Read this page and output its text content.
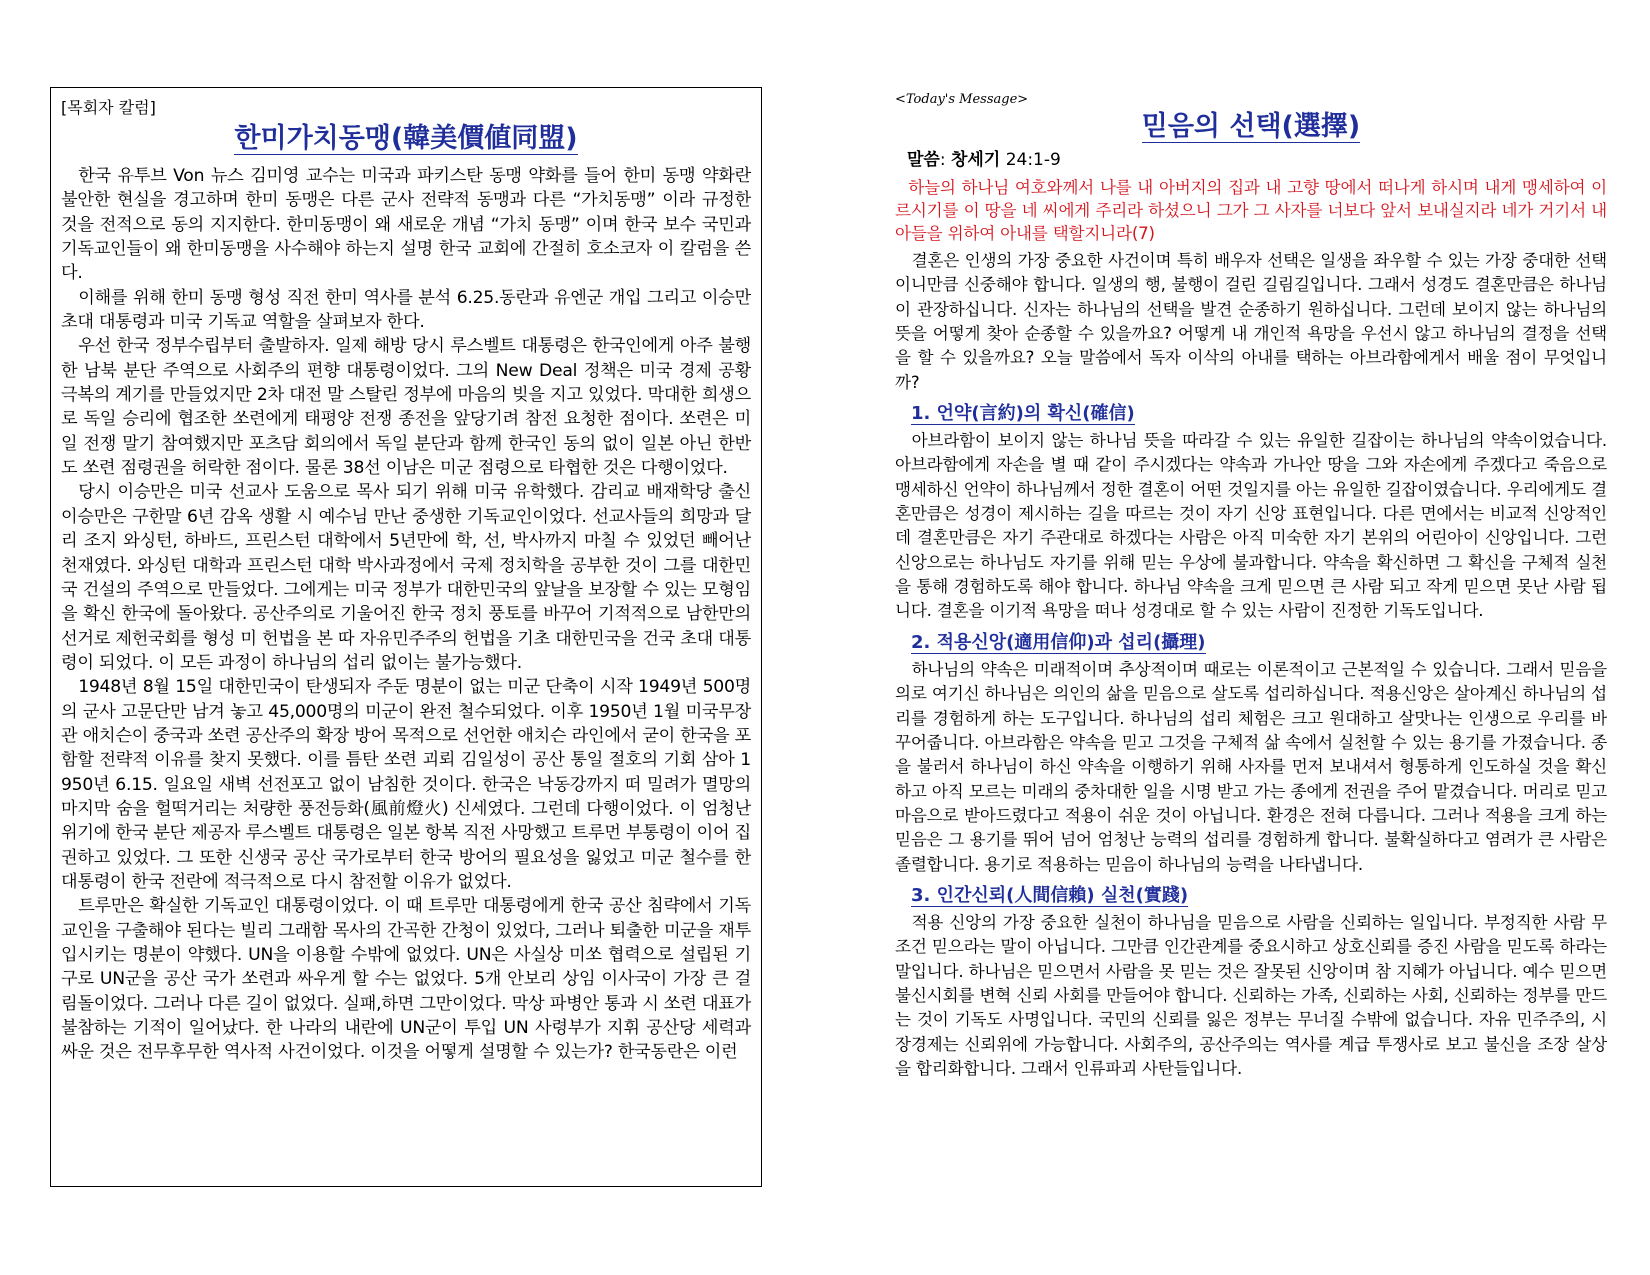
[목회자 칼럼]

한미가치동맹(韓美價値同盟)

한국 유투브 Von 뉴스 김미영 교수는 미국과 파키스탄 동맹 약화를 들어 한미 동맹 약화란 불안한 현실을 경고하며 한미 동맹은 다른 군사 전략적 동맹과 다른 “가치동맹” 이라 규정한 것을 전적으로 동의 지지한다. 한미동맹이 왜 새로운 개념 “가치 동맹” 이며 한국 보수 국민과 기독교인들이 왜 한미동맹을 사수해야 하는지 설명 한국 교회에 간절히 호소코자 이 칼럼을 쓴다.

이해를 위해 한미 동맹 형성 직전 한미 역사를 분석 6.25.동란과 유엔군 개입 그리고 이승만 초대 대통령과 미국 기독교 역할을 살펴보자 한다.

우선 한국 정부수립부터 출발하자. 일제 해방 당시 루스벨트 대통령은 한국인에게 아주 불행한 남북 분단 주역으로 사회주의 편향 대통령이었다. 그의 New Deal 정책은 미국 경제 공황 극복의 계기를 만들었지만 2차 대전 말 스탈린 정부에 마음의 빚을 지고 있었다. 막대한 희생으로 독일 승리에 협조한 쏘련에게 태평양 전쟁 종전을 앞당기려 참전 요청한 점이다. 쏘련은 미일 전쟁 말기 참여했지만 포츠담 회의에서 독일 분단과 함께 한국인 동의 없이 일본 아닌 한반도 쏘련 점령권을 허락한 점이다. 물론 38선 이남은 미군 점령으로 타협한 것은 다행이었다.

당시 이승만은 미국 선교사 도움으로 목사 되기 위해 미국 유학했다. 감리교 배재학당 출신 이승만은 구한말 6년 감옥 생활 시 예수님 만난 중생한 기독교인이었다. 선교사들의 희망과 달리 조지 와싱턴, 하바드, 프린스턴 대학에서 5년만에 학, 선, 박사까지 마칠 수 있었던 빼어난 천재였다. 와싱턴 대학과 프린스턴 대학 박사과정에서 국제 정치학을 공부한 것이 그를 대한민국 건설의 주역으로 만들었다. 그에게는 미국 정부가 대한민국의 앞날을 보장할 수 있는 모형임을 확신 한국에 돌아왔다. 공산주의로 기울어진 한국 정치 풍토를 바꾸어 기적적으로 남한만의 선거로 제헌국회를 형성 미 헌법을 본 따 자유민주주의 헌법을 기초 대한민국을 건국 초대 대통령이 되었다. 이 모든 과정이 하나님의 섭리 없이는 불가능했다.

1948년 8월 15일 대한민국이 탄생되자 주둔 명분이 없는 미군 단축이 시작 1949년 500명의 군사 고문단만 남겨 놓고 45,000명의 미군이 완전 철수되었다. 이후 1950년 1월 미국무장관 애치슨이 중국과 쏘련 공산주의 확장 방어 목적으로 선언한 애치슨 라인에서 굳이 한국을 포함할 전략적 이유를 찾지 못했다. 이를 틈탄 쏘련 괴뢰 김일성이 공산 통일 절호의 기회 삼아 1950년 6.15. 일요일 새벽 선전포고 없이 남침한 것이다. 한국은 낙동강까지 떠 밀려가 멸망의 마지막 숨을 헐떡거리는 처량한 풍전등화(風前燈火) 신세였다. 그런데 다행이었다. 이 엄청난 위기에 한국 분단 제공자 루스벨트 대통령은 일본 항복 직전 사망했고 트루먼 부통령이 이어 집권하고 있었다. 그 또한 신생국 공산 국가로부터 한국 방어의 필요성을 잃었고 미군 철수를 한 대통령이 한국 전란에 적극적으로 다시 참전할 이유가 없었다.

트루만은 확실한 기독교인 대통령이었다. 이 때 트루만 대통령에게 한국 공산 침략에서 기독교인을 구출해야 된다는 빌리 그래함 목사의 간곡한 간청이 있었다, 그러나 퇴출한 미군을 재투입시키는 명분이 약했다. UN을 이용할 수밖에 없었다. UN은 사실상 미쏘 협력으로 설립된 기구로 UN군을 공산 국가 쏘련과 싸우게 할 수는 없었다. 5개 안보리 상임 이사국이 가장 큰 걸림돌이었다. 그러나 다른 길이 없었다. 실패,하면 그만이었다. 막상 파병안 통과 시 쏘련 대표가 불참하는 기적이 일어났다. 한 나라의 내란에 UN군이 투입 UN 사령부가 지휘 공산당 세력과 싸운 것은 전무후무한 역사적 사건이었다. 이것을 어떻게 설명할 수 있는가? 한국동란은 이런

<Today's Message>

믿음의 선택(選擇)

말씀: 창세기 24:1-9

하늘의 하나님 여호와께서 나를 내 아버지의 집과 내 고향 땅에서 떠나게 하시며 내게 맹세하여 이르시기를 이 땅을 네 씨에게 주리라 하셨으니 그가 그 사자를 너보다 앞서 보내실지라 네가 거기서 내 아들을 위하여 아내를 택할지니라(7)

결혼은 인생의 가장 중요한 사건이며 특히 배우자 선택은 일생을 좌우할 수 있는 가장 중대한 선택이니만큼 신중해야 합니다. 일생의 행, 불행이 걸린 길림길입니다. 그래서 성경도 결혼만큼은 하나님이 관장하십니다. 신자는 하나님의 선택을 발견 순종하기 원하십니다. 그런데 보이지 않는 하나님의 뜻을 어떻게 찾아 순종할 수 있을까요? 어떻게 내 개인적 욕망을 우선시 않고 하나님의 결정을 선택을 할 수 있을까요? 오늘 말씀에서 독자 이삭의 아내를 택하는 아브라함에게서 배울 점이 무엇입니까?

1. 언약(言約)의 확신(確信)

아브라함이 보이지 않는 하나님 뜻을 따라갈 수 있는 유일한 길잡이는 하나님의 약속이었습니다. 아브라함에게 자손을 별 때 같이 주시겠다는 약속과 가나안 땅을 그와 자손에게 주겠다고 죽음으로 맹세하신 언약이 하나님께서 정한 결혼이 어떤 것일지를 아는 유일한 길잡이였습니다. 우리에게도 결혼만큼은 성경이 제시하는 길을 따르는 것이 자기 신앙 표현입니다. 다른 면에서는 비교적 신앙적인데 결혼만큼은 자기 주관대로 하겠다는 사람은 아직 미숙한 자기 본위의 어린아이 신앙입니다. 그런 신앙으로는 하나님도 자기를 위해 믿는 우상에 불과합니다. 약속을 확신하면 그 확신을 구체적 실천을 통해 경험하도록 해야 합니다. 하나님 약속을 크게 믿으면 큰 사람 되고 작게 믿으면 못난 사람 됩니다. 결혼을 이기적 욕망을 떠나 성경대로 할 수 있는 사람이 진정한 기독도입니다.

2. 적용신앙(適用信仰)과 섭리(攝理)

하나님의 약속은 미래적이며 추상적이며 때로는 이론적이고 근본적일 수 있습니다. 그래서 믿음을 의로 여기신 하나님은 의인의 삶을 믿음으로 살도록 섭리하십니다. 적용신앙은 살아계신 하나님의 섭리를 경험하게 하는 도구입니다. 하나님의 섭리 체험은 크고 원대하고 살맛나는 인생으로 우리를 바꾸어줍니다. 아브라함은 약속을 믿고 그것을 구체적 삶 속에서 실천할 수 있는 용기를 가졌습니다. 종을 불러서 하나님이 하신 약속을 이행하기 위해 사자를 먼저 보내셔서 형통하게 인도하실 것을 확신하고 아직 모르는 미래의 중차대한 일을 시명 받고 가는 종에게 전권을 주어 맡겼습니다. 머리로 믿고 마음으로 받아드렸다고 적용이 쉬운 것이 아닙니다. 환경은 전혀 다릅니다. 그러나 적용을 크게 하는 믿음은 그 용기를 뛰어 넘어 엄청난 능력의 섭리를 경험하게 합니다. 불확실하다고 염려가 큰 사람은 졸렬합니다. 용기로 적용하는 믿음이 하나님의 능력을 나타냅니다.

3. 인간신뢰(人間信賴) 실천(實踐)

적용 신앙의 가장 중요한 실천이 하나님을 믿음으로 사람을 신뢰하는 일입니다. 부정직한 사람 무조건 믿으라는 말이 아닙니다. 그만큼 인간관계를 중요시하고 상호신뢰를 증진 사람을 믿도록 하라는 말입니다. 하나님은 믿으면서 사람을 못 믿는 것은 잘못된 신앙이며 참 지혜가 아닙니다. 예수 믿으면 불신시회를 변혁 신뢰 사회를 만들어야 합니다. 신뢰하는 가족, 신뢰하는 사회, 신뢰하는 정부를 만드는 것이 기독도 사명입니다. 국민의 신뢰를 잃은 정부는 무너질 수밖에 없습니다. 자유 민주주의, 시장경제는 신뢰위에 가능합니다. 사회주의, 공산주의는 역사를 계급 투쟁사로 보고 불신을 조장 살상을 합리화합니다. 그래서 인류파괴 사탄들입니다.
